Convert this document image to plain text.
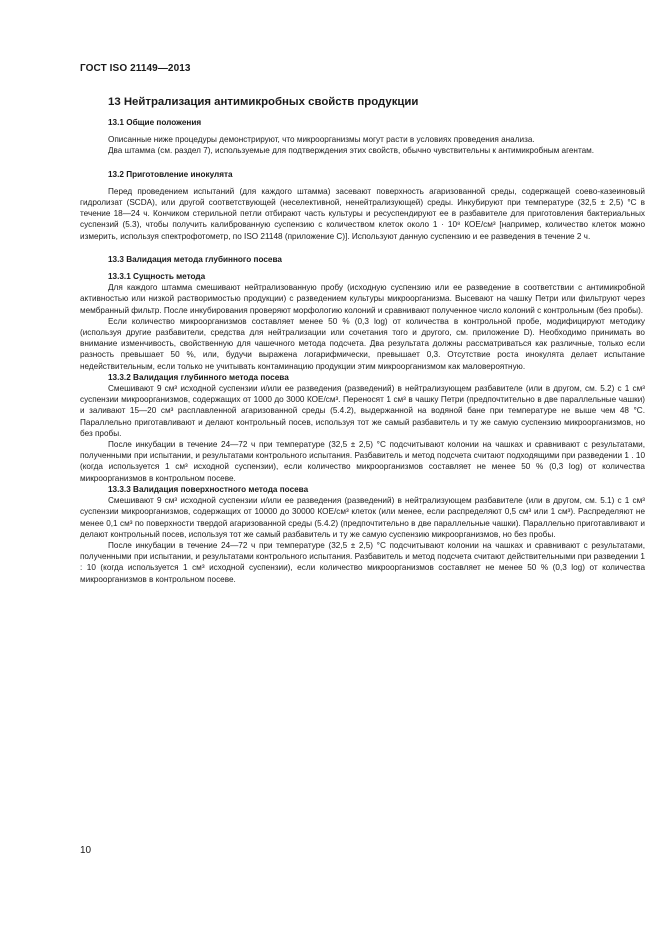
ГОСТ ISO 21149—2013
13 Нейтрализация антимикробных свойств продукции
13.1 Общие положения

Описанные ниже процедуры демонстрируют, что микроорганизмы могут расти в условиях проведения анализа.

Два штамма (см. раздел 7), используемые для подтверждения этих свойств, обычно чувствительны к антимикробным агентам.

13.2 Приготовление инокулята

Перед проведением испытаний (для каждого штамма) засевают поверхность агаризованной среды, содержащей соево-казеиновый гидролизат (SCDA), или другой соответствующей (неселективной, ненейтрализующей) среды. Инкубируют при температуре (32,5 ± 2,5) °C в течение 18—24 ч. Кончиком стерильной петли отбирают часть культуры и ресуспендируют ее в разбавителе для приготовления бактериальных суспензий (5.3), чтобы получить калиброванную суспензию с количеством клеток около 1 · 10⁸ КОЕ/см³ [например, количество клеток можно измерить, используя спектрофотометр, по ISO 21148 (приложение С)]. Используют данную суспензию и ее разведения в течение 2 ч.

13.3 Валидация метода глубинного посева
13.3.1 Сущность метода

Для каждого штамма смешивают нейтрализованную пробу (исходную суспензию или ее разведение в соответствии с антимикробной активностью или низкой растворимостью продукции) с разведением культуры микроорганизма. Высевают на чашку Петри или фильтруют через мембранный фильтр. После инкубирования проверяют морфологию колоний и сравнивают полученное число колоний с контрольным (без пробы).

Если количество микроорганизмов составляет менее 50 % (0,3 log) от количества в контрольной пробе, модифицируют методику (используя другие разбавители, средства для нейтрализации или сочетания того и другого, см. приложение D). Необходимо принимать во внимание изменчивость, свойственную для чашечного метода подсчета. Два результата должны рассматриваться как различные, только если разность превышает 50 %, или, будучи выражена логарифмически, превышает 0,3. Отсутствие роста инокулята делает испытание недействительным, если только не учитывать контаминацию продукции этим микроорганизмом как маловероятную.

13.3.2 Валидация глубинного метода посева

Смешивают 9 см³ исходной суспензии и/или ее разведения (разведений) в нейтрализующем разбавителе (или в другом, см. 5.2) с 1 см³ суспензии микроорганизмов, содержащих от 1000 до 3000 КОЕ/см³. Переносят 1 см³ в чашку Петри (предпочтительно в две параллельные чашки) и заливают 15—20 см³ расплавленной агаризованной среды (5.4.2), выдержанной на водяной бане при температуре не выше чем 48 °C. Параллельно приготавливают и делают контрольный посев, используя тот же самый разбавитель и ту же самую суспензию микроорганизмов, но без пробы.

После инкубации в течение 24—72 ч при температуре (32,5 ± 2,5) °C подсчитывают колонии на чашках и сравнивают с результатами, полученными при испытании, и результатами контрольного испытания. Разбавитель и метод подсчета считают подходящими при разведении 1 . 10 (когда используется 1 см³ исходной суспензии), если количество микроорганизмов составляет не менее 50 % (0,3 log) от количества микроорганизмов в контрольном посеве.

13.3.3 Валидация поверхностного метода посева

Смешивают 9 см³ исходной суспензии и/или ее разведения (разведений) в нейтрализующем разбавителе (или в другом, см. 5.1) с 1 см³ суспензии микроорганизмов, содержащих от 10000 до 30000 КОЕ/см³ клеток (или менее, если распределяют 0,5 см³ или 1 см³). Распределяют не менее 0,1 см³ по поверхности твердой агаризованной среды (5.4.2) (предпочтительно в две параллельные чашки). Параллельно приготавливают и делают контрольный посев, используя тот же самый разбавитель и ту же самую суспензию микроорганизмов, но без пробы.

После инкубации в течение 24—72 ч при температуре (32,5 ± 2,5) °C подсчитывают колонии на чашках и сравнивают с результатами, полученными при испытании, и результатами контрольного испытания. Разбавитель и метод подсчета считают действительными при разведении 1 : 10 (когда используется 1 см³ исходной суспензии), если количество микроорганизмов составляет не менее 50 % (0,3 log) от количества микроорганизмов в контрольном посеве.

10
